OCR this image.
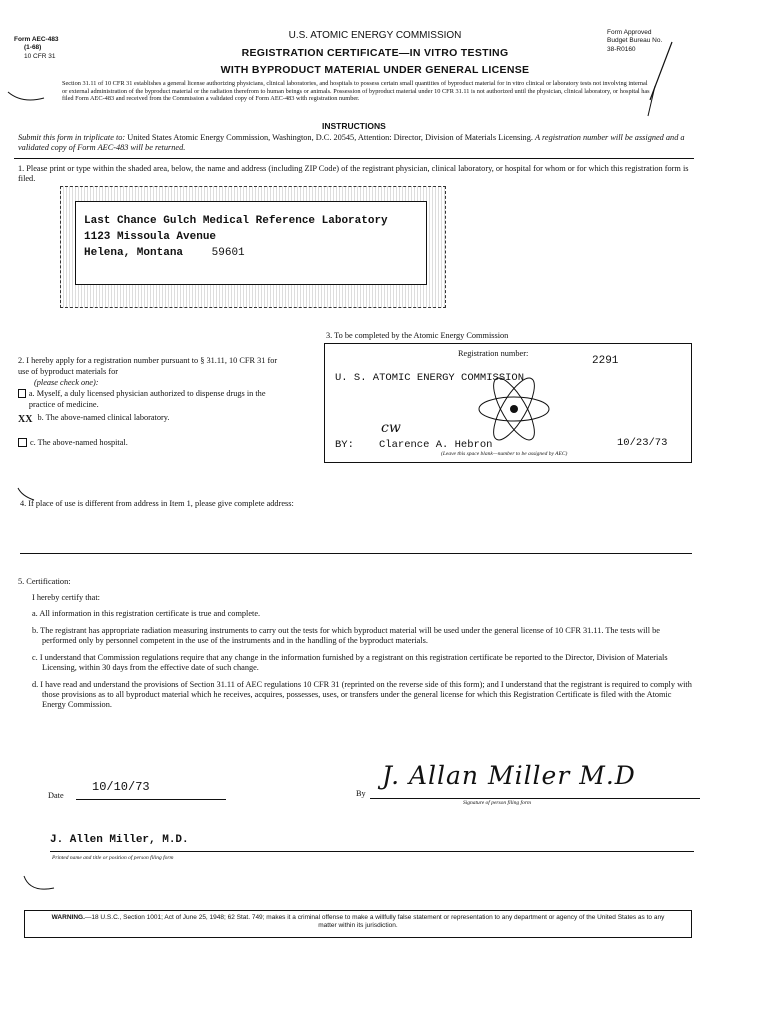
Form AEC-483
(1-68)
10 CFR 31
U.S. ATOMIC ENERGY COMMISSION
REGISTRATION CERTIFICATE—IN VITRO TESTING
WITH BYPRODUCT MATERIAL UNDER GENERAL LICENSE
Form Approved
Budget Bureau No.
38-R0160
Section 31.11 of 10 CFR 31 establishes a general license authorizing physicians, clinical laboratories, and hospitals to possess certain small quantities of byproduct material for in vitro clinical or laboratory tests not involving internal or external administration of the byproduct material or the radiation therefrom to human beings or animals. Possession of byproduct material under 10 CFR 31.11 is not authorized until the physician, clinical laboratory, or hospital has filed Form AEC-483 and received from the Commission a validated copy of Form AEC-483 with registration number.
INSTRUCTIONS
Submit this form in triplicate to: United States Atomic Energy Commission, Washington, D.C. 20545, Attention: Director, Division of Materials Licensing. A registration number will be assigned and a validated copy of Form AEC-483 will be returned.
1. Please print or type within the shaded area, below, the name and address (including ZIP Code) of the registrant physician, clinical laboratory, or hospital for whom or for which this registration form is filed.
Last Chance Gulch Medical Reference Laboratory
1123 Missoula Avenue
Helena, Montana	59601
2. I hereby apply for a registration number pursuant to § 31.11, 10 CFR 31 for use of byproduct materials for
(please check one):
a. Myself, a duly licensed physician authorized to dispense drugs in the practice of medicine.
XX b. The above-named clinical laboratory.
c. The above-named hospital.
3. To be completed by the Atomic Energy Commission
Registration number:
2291
U. S. ATOMIC ENERGY COMMISSION
cw
BY: Clarence A. Hebron	10/23/73
(Leave this space blank—number to be assigned by AEC)
4. If place of use is different from address in Item 1, please give complete address:
5. Certification:
I hereby certify that:
a. All information in this registration certificate is true and complete.
b. The registrant has appropriate radiation measuring instruments to carry out the tests for which byproduct material will be used under the general license of 10 CFR 31.11. The tests will be performed only by personnel competent in the use of the instruments and in the handling of the byproduct materials.
c. I understand that Commission regulations require that any change in the information furnished by a registrant on this registration certificate be reported to the Director, Division of Materials Licensing, within 30 days from the effective date of such change.
d. I have read and understand the provisions of Section 31.11 of AEC regulations 10 CFR 31 (reprinted on the reverse side of this form); and I understand that the registrant is required to comply with those provisions as to all byproduct material which he receives, acquires, possesses, uses, or transfers under the general license for which this Registration Certificate is filed with the Atomic Energy Commission.
Date
10/10/73	By
J. Allan Miller M.D
Signature of person filing form
J. Allen Miller, M.D.
Printed name and title or position of person filing form
WARNING.—18 U.S.C., Section 1001; Act of June 25, 1948; 62 Stat. 749; makes it a criminal offense to make a willfully false statement or representation to any department or agency of the United States as to any matter within its jurisdiction.
